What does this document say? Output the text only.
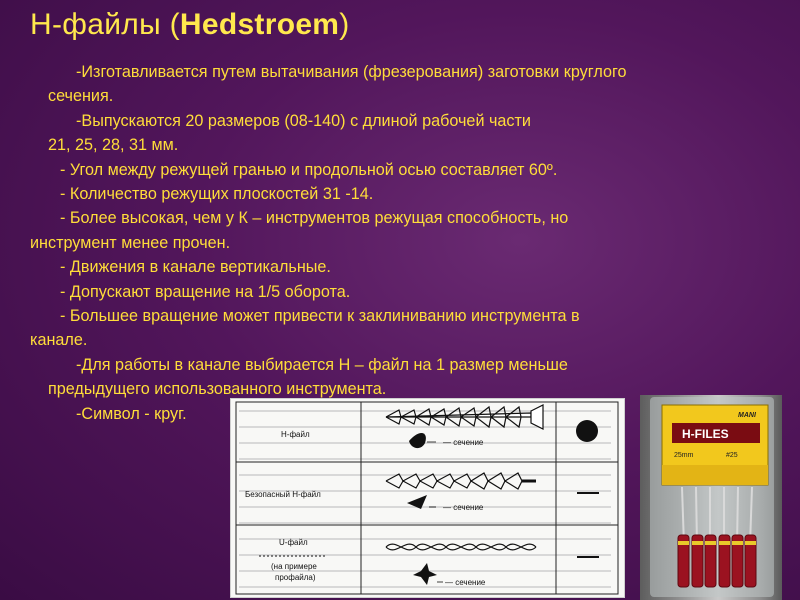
Н-файлы (Hedstroem)
-Изготавливается путем вытачивания (фрезерования) заготовки круглого
сечения.
-Выпускаются 20 размеров (08-140) с длиной рабочей части
21, 25, 28, 31 мм.
- Угол между режущей гранью и продольной осью составляет 60º.
- Количество режущих плоскостей 31 -14.
- Более высокая, чем у К – инструментов режущая способность, но
инструмент менее прочен.
- Движения в канале вертикальные.
- Допускают вращение на 1/5 оборота.
- Большее вращение может привести к заклиниванию инструмента в
канале.
-Для работы в канале выбирается Н – файл на 1 размер меньше
предыдущего использованного инструмента.
-Символ - круг.
Н-файл
— сечение
Безопасный Н-файл
— сечение
U-файл
(на примере
профайла)
— сечение
MANI
H-FILES
25mm	#25
